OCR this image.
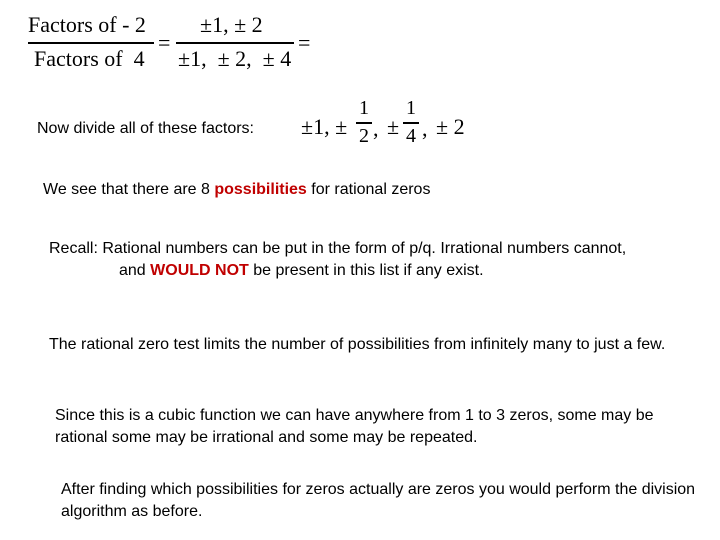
Factors of - 2
Factors of  4
=
±1, ± 2
±1,  ± 2,  ± 4
=
Now divide all of these factors: ±1, ±
1
2 , ±
1
4 , ± 2
We see that there are 8 possibilities for rational zeros
Recall: Rational numbers can be put in the form of p/q. Irrational numbers cannot,
and WOULD NOT be present in this list if any exist.
The rational zero test limits the number of possibilities from infinitely many to just a few.
Since this is a cubic function we can have anywhere from 1 to 3 zeros, some may be rational some may be irrational and some may be repeated.
After finding which possibilities for zeros actually are zeros you would perform the division algorithm as before.
